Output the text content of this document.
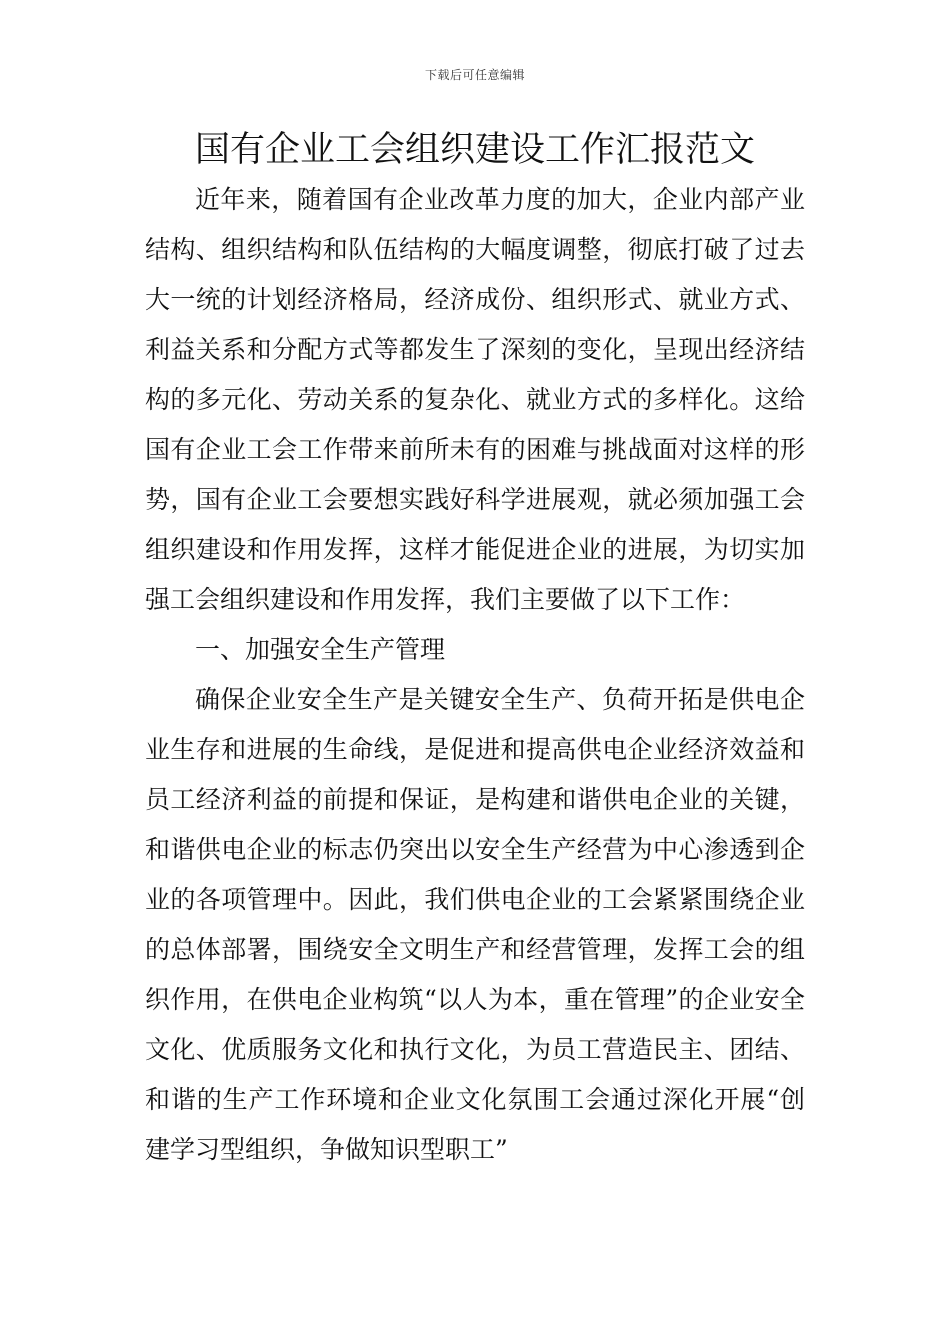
下载后可任意编辑
国有企业工会组织建设工作汇报范文

近年来，随着国有企业改革力度的加大，企业内部产业结构、组织结构和队伍结构的大幅度调整，彻底打破了过去大一统的计划经济格局，经济成份、组织形式、就业方式、利益关系和分配方式等都发生了深刻的变化，呈现出经济结构的多元化、劳动关系的复杂化、就业方式的多样化。这给国有企业工会工作带来前所未有的困难与挑战面对这样的形势，国有企业工会要想实践好科学进展观，就必须加强工会组织建设和作用发挥，这样才能促进企业的进展，为切实加强工会组织建设和作用发挥，我们主要做了以下工作：

一、加强安全生产管理

确保企业安全生产是关键安全生产、负荷开拓是供电企业生存和进展的生命线，是促进和提高供电企业经济效益和员工经济利益的前提和保证，是构建和谐供电企业的关键，和谐供电企业的标志仍突出以安全生产经营为中心渗透到企业的各项管理中。因此，我们供电企业的工会紧紧围绕企业的总体部署，围绕安全文明生产和经营管理，发挥工会的组织作用，在供电企业构筑“以人为本，重在管理”的企业安全文化、优质服务文化和执行文化，为员工营造民主、团结、和谐的生产工作环境和企业文化氛围工会通过深化开展“创建学习型组织，争做知识型职工”
